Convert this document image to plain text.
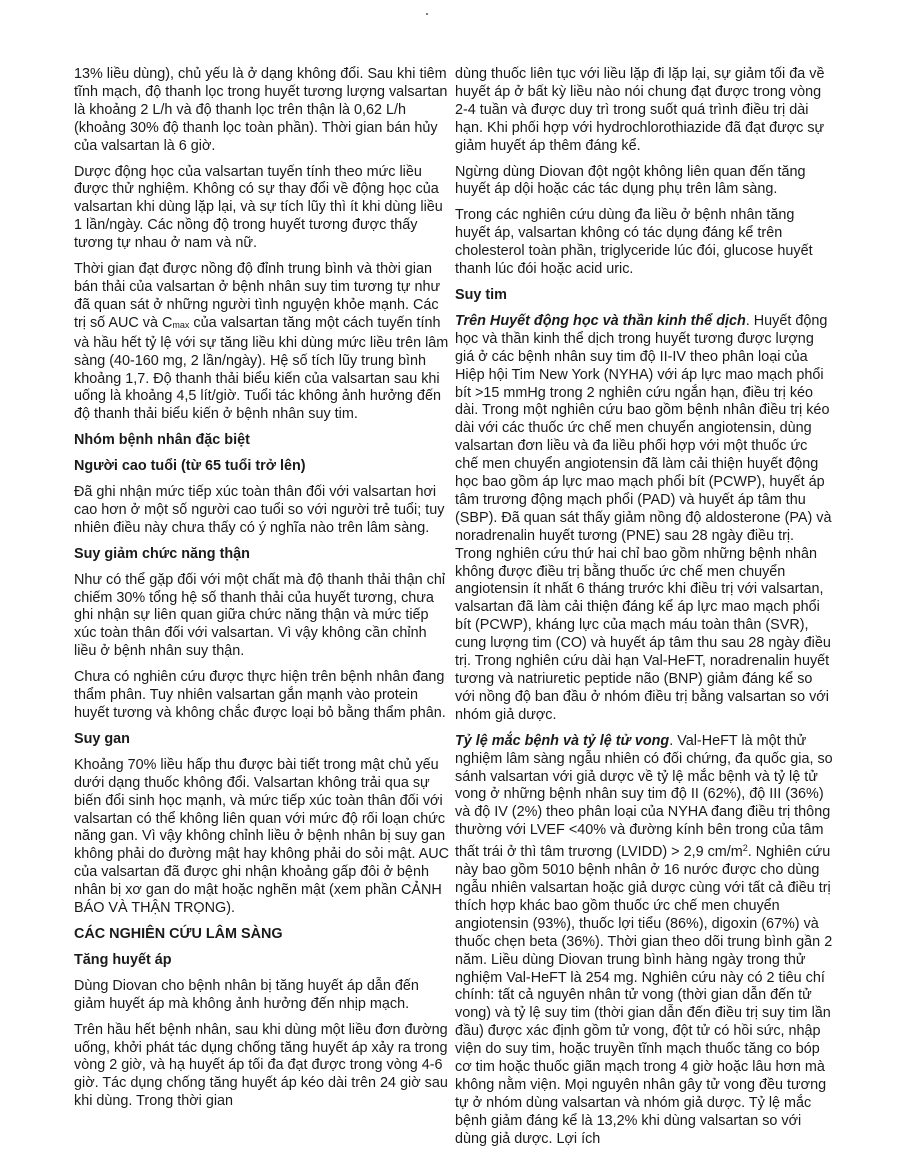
13% liều dùng), chủ yếu là ở dạng không đổi. Sau khi tiêm tĩnh mạch, độ thanh lọc trong huyết tương lượng valsartan là khoảng 2 L/h và độ thanh lọc trên thận là 0,62 L/h (khoảng 30% độ thanh lọc toàn phần). Thời gian bán hủy của valsartan là 6 giờ.

Dược động học của valsartan tuyến tính theo mức liều được thử nghiệm. Không có sự thay đổi về động học của valsartan khi dùng lặp lại, và sự tích lũy thì ít khi dùng liều 1 lần/ngày. Các nồng độ trong huyết tương được thấy tương tự nhau ở nam và nữ.

Thời gian đạt được nồng độ đỉnh trung bình và thời gian bán thải của valsartan ở bệnh nhân suy tim tương tự như đã quan sát ở những người tình nguyện khỏe mạnh. Các trị số AUC và $C_{max}$ của valsartan tăng một cách tuyến tính và hầu hết tỷ lệ với sự tăng liều khi dùng mức liều trên lâm sàng (40-160 mg, 2 lần/ngày). Hệ số tích lũy trung bình khoảng 1,7. Độ thanh thải biểu kiến của valsartan sau khi uống là khoảng 4,5 lít/giờ. Tuổi tác không ảnh hưởng đến độ thanh thải biểu kiến ở bệnh nhân suy tim.

Nhóm bệnh nhân đặc biệt
Người cao tuổi (từ 65 tuổi trở lên)

Đã ghi nhận mức tiếp xúc toàn thân đối với valsartan hơi cao hơn ở một số người cao tuổi so với người trẻ tuổi; tuy nhiên điều này chưa thấy có ý nghĩa nào trên lâm sàng.

Suy giảm chức năng thận

Như có thể gặp đối với một chất mà độ thanh thải thận chỉ chiếm 30% tổng hệ số thanh thải của huyết tương, chưa ghi nhận sự liên quan giữa chức năng thận và mức tiếp xúc toàn thân đối với valsartan. Vì vậy không cần chỉnh liều ở bệnh nhân suy thận.

Chưa có nghiên cứu được thực hiện trên bệnh nhân đang thẩm phân. Tuy nhiên valsartan gắn mạnh vào protein huyết tương và không chắc được loại bỏ bằng thẩm phân.

Suy gan

Khoảng 70% liều hấp thu được bài tiết trong mật chủ yếu dưới dạng thuốc không đổi. Valsartan không trải qua sự biến đổi sinh học mạnh, và mức tiếp xúc toàn thân đối với valsartan có thể không liên quan với mức độ rối loạn chức năng gan. Vì vậy không chỉnh liều ở bệnh nhân bị suy gan không phải do đường mật hay không phải do sỏi mật. AUC của valsartan đã được ghi nhận khoảng gấp đôi ở bệnh nhân bị xơ gan do mật hoặc nghẽn mật (xem phần CẢNH BÁO VÀ THẬN TRỌNG).

CÁC NGHIÊN CỨU LÂM SÀNG
Tăng huyết áp

Dùng Diovan cho bệnh nhân bị tăng huyết áp dẫn đến giảm huyết áp mà không ảnh hưởng đến nhịp mạch.

Trên hầu hết bệnh nhân, sau khi dùng một liều đơn đường uống, khởi phát tác dụng chống tăng huyết áp xảy ra trong vòng 2 giờ, và hạ huyết áp tối đa đạt được trong vòng 4-6 giờ. Tác dụng chống tăng huyết áp kéo dài trên 24 giờ sau khi dùng. Trong thời gian

dùng thuốc liên tục với liều lặp đi lặp lại, sự giảm tối đa về huyết áp ở bất kỳ liều nào nói chung đạt được trong vòng 2-4 tuần và được duy trì trong suốt quá trình điều trị dài hạn. Khi phối hợp với hydrochlorothiazide đã đạt được sự giảm huyết áp thêm đáng kể.

Ngừng dùng Diovan đột ngột không liên quan đến tăng huyết áp dội hoặc các tác dụng phụ trên lâm sàng.

Trong các nghiên cứu dùng đa liều ở bệnh nhân tăng huyết áp, valsartan không có tác dụng đáng kể trên cholesterol toàn phần, triglyceride lúc đói, glucose huyết thanh lúc đói hoặc acid uric.

Suy tim

Trên Huyết động học và thần kinh thể dịch. Huyết động học và thần kinh thể dịch trong huyết tương được lượng giá ở các bệnh nhân suy tim độ II-IV theo phân loại của Hiệp hội Tim New York (NYHA) với áp lực mao mạch phổi bít >15 mmHg trong 2 nghiên cứu ngắn hạn, điều trị kéo dài. Trong một nghiên cứu bao gồm bệnh nhân điều trị kéo dài với các thuốc ức chế men chuyển angiotensin, dùng valsartan đơn liều và đa liều phối hợp với một thuốc ức chế men chuyển angiotensin đã làm cải thiện huyết động học bao gồm áp lực mao mạch phổi bít (PCWP), huyết áp tâm trương động mạch phổi (PAD) và huyết áp tâm thu (SBP). Đã quan sát thấy giảm nồng độ aldosterone (PA) và noradrenalin huyết tương (PNE) sau 28 ngày điều trị. Trong nghiên cứu thứ hai chỉ bao gồm những bệnh nhân không được điều trị bằng thuốc ức chế men chuyển angiotensin ít nhất 6 tháng trước khi điều trị với valsartan, valsartan đã làm cải thiện đáng kể áp lực mao mạch phổi bít (PCWP), kháng lực của mạch máu toàn thân (SVR), cung lượng tim (CO) và huyết áp tâm thu sau 28 ngày điều trị. Trong nghiên cứu dài hạn Val-HeFT, noradrenalin huyết tương và natriuretic peptide não (BNP) giảm đáng kể so với nồng độ ban đầu ở nhóm điều trị bằng valsartan so với nhóm giả dược.

Tỷ lệ mắc bệnh và tỷ lệ tử vong. Val-HeFT là một thử nghiệm lâm sàng ngẫu nhiên có đối chứng, đa quốc gia, so sánh valsartan với giả dược về tỷ lệ mắc bệnh và tỷ lệ tử vong ở những bệnh nhân suy tim độ II (62%), độ III (36%) và độ IV (2%) theo phân loại của NYHA đang điều trị thông thường với LVEF <40% và đường kính bên trong của tâm thất trái ở thì tâm trương (LVIDD) > 2,9 $cm/m^2$. Nghiên cứu này bao gồm 5010 bệnh nhân ở 16 nước được cho dùng ngẫu nhiên valsartan hoặc giả dược cùng với tất cả điều trị thích hợp khác bao gồm thuốc ức chế men chuyển angiotensin (93%), thuốc lợi tiểu (86%), digoxin (67%) và thuốc chẹn beta (36%). Thời gian theo dõi trung bình gần 2 năm. Liều dùng Diovan trung bình hàng ngày trong thử nghiệm Val-HeFT là 254 mg. Nghiên cứu này có 2 tiêu chí chính: tất cả nguyên nhân tử vong (thời gian dẫn đến tử vong) và tỷ lệ suy tim (thời gian dẫn đến điều trị suy tim lần đầu) được xác định gồm tử vong, đột tử có hồi sức, nhập viện do suy tim, hoặc truyền tĩnh mạch thuốc tăng co bóp cơ tim hoặc thuốc giãn mạch trong 4 giờ hoặc lâu hơn mà không nằm viện. Mọi nguyên nhân gây tử vong đều tương tự ở nhóm dùng valsartan và nhóm giả dược. Tỷ lệ mắc bệnh giảm đáng kể là 13,2% khi dùng valsartan so với dùng giả dược. Lợi ích
